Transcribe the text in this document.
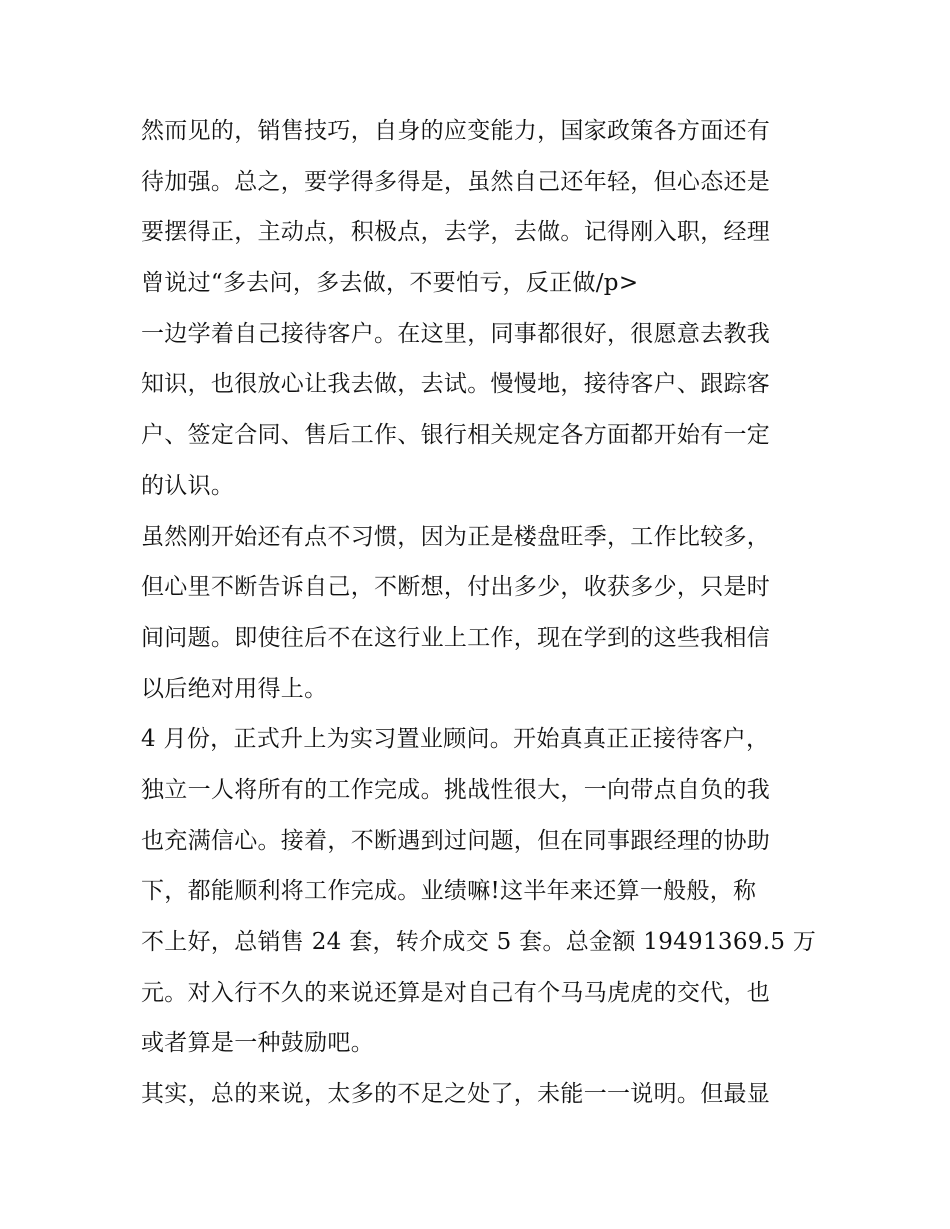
然而见的，销售技巧，自身的应变能力，国家政策各方面还有
待加强。总之，要学得多得是，虽然自己还年轻，但心态还是
要摆得正，主动点，积极点，去学，去做。记得刚入职，经理
曾说过“多去问，多去做，不要怕亏，反正做/p>

一边学着自己接待客户。在这里，同事都很好，很愿意去教我
知识，也很放心让我去做，去试。慢慢地，接待客户、跟踪客
户、签定合同、售后工作、银行相关规定各方面都开始有一定
的认识。

虽然刚开始还有点不习惯，因为正是楼盘旺季，工作比较多，
但心里不断告诉自己，不断想，付出多少，收获多少，只是时
间问题。即使往后不在这行业上工作，现在学到的这些我相信
以后绝对用得上。

4 月份，正式升上为实习置业顾问。开始真真正正接待客户，
独立一人将所有的工作完成。挑战性很大，一向带点自负的我
也充满信心。接着，不断遇到过问题，但在同事跟经理的协助
下，都能顺利将工作完成。业绩嘛!这半年来还算一般般，称
不上好，总销售 24 套，转介成交 5 套。总金额 19491369.5 万
元。对入行不久的来说还算是对自己有个马马虎虎的交代，也
或者算是一种鼓励吧。

其实，总的来说，太多的不足之处了，未能一一说明。但最显
